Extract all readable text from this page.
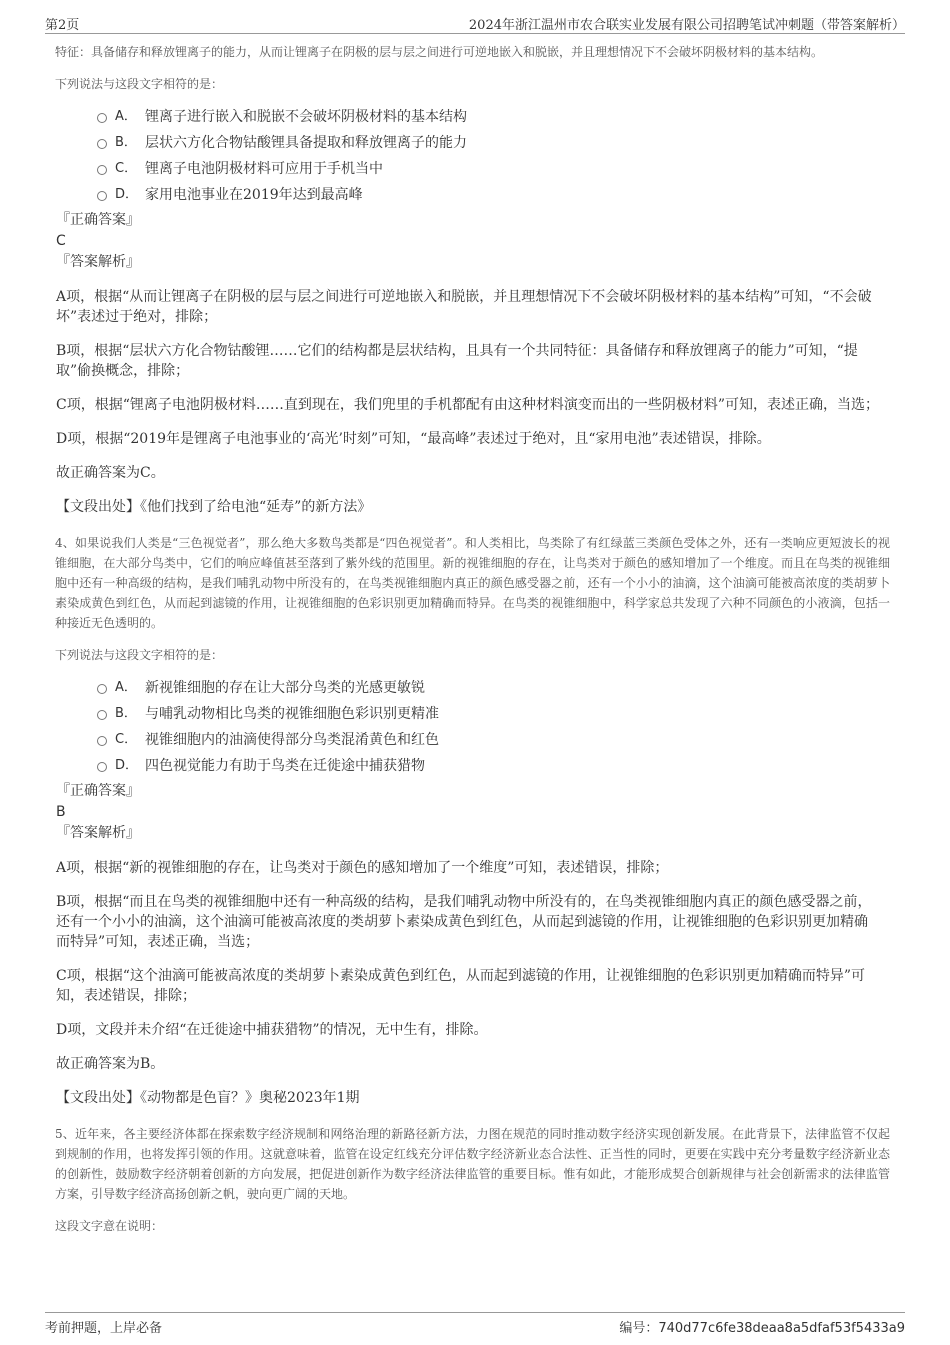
第2页	2024年浙江温州市农合联实业发展有限公司招聘笔试冲刺题（带答案解析）
特征：具备储存和释放锂离子的能力，从而让锂离子在阴极的层与层之间进行可逆地嵌入和脱嵌，并且理想情况下不会破坏阴极材料的基本结构。
下列说法与这段文字相符的是：
A． 锂离子进行嵌入和脱嵌不会破坏阴极材料的基本结构
B． 层状六方化合物钴酸锂具备提取和释放锂离子的能力
C． 锂离子电池阴极材料可应用于手机当中
D． 家用电池事业在2019年达到最高峰
『正确答案』
C
『答案解析』
A项，根据“从而让锂离子在阴极的层与层之间进行可逆地嵌入和脱嵌，并且理想情况下不会破坏阴极材料的基本结构”可知，“不会破坏”表述过于绝对，排除；
B项，根据“层状六方化合物钴酸锂……它们的结构都是层状结构，且具有一个共同特征：具备储存和释放锂离子的能力”可知，“提取”偷换概念，排除；
C项，根据“锂离子电池阴极材料……直到现在，我们兜里的手机都配有由这种材料演变而出的一些阴极材料”可知，表述正确，当选；
D项，根据“2019年是锂离子电池事业的‘高光’时刻”可知，“最高峰”表述过于绝对，且“家用电池”表述错误，排除。
故正确答案为C。
【文段出处】《他们找到了给电池“延寿”的新方法》
4、如果说我们人类是“三色视觉者”，那么绝大多数鸟类都是“四色视觉者”。和人类相比，鸟类除了有红绿蓝三类颜色受体之外，还有一类响应更短波长的视锥细胞，在大部分鸟类中，它们的响应峰值甚至落到了紫外线的范围里。新的视锥细胞的存在，让鸟类对于颜色的感知增加了一个维度。而且在鸟类的视锥细胞中还有一种高级的结构，是我们哺乳动物中所没有的，在鸟类视锥细胞内真正的颜色感受器之前，还有一个小小的油滴，这个油滴可能被高浓度的类胡萝卜素染成黄色到红色，从而起到滤镜的作用，让视锥细胞的色彩识别更加精确而特异。在鸟类的视锥细胞中，科学家总共发现了六种不同颜色的小液滴，包括一种接近无色透明的。
下列说法与这段文字相符的是：
A． 新视锥细胞的存在让大部分鸟类的光感更敏锐
B． 与哺乳动物相比鸟类的视锥细胞色彩识别更精准
C． 视锥细胞内的油滴使得部分鸟类混淆黄色和红色
D． 四色视觉能力有助于鸟类在迁徙途中捕获猎物
『正确答案』
B
『答案解析』
A项，根据“新的视锥细胞的存在，让鸟类对于颜色的感知增加了一个维度”可知，表述错误，排除；
B项，根据“而且在鸟类的视锥细胞中还有一种高级的结构，是我们哺乳动物中所没有的，在鸟类视锥细胞内真正的颜色感受器之前，还有一个小小的油滴，这个油滴可能被高浓度的类胡萝卜素染成黄色到红色，从而起到滤镜的作用，让视锥细胞的色彩识别更加精确而特异”可知，表述正确，当选；
C项，根据“这个油滴可能被高浓度的类胡萝卜素染成黄色到红色，从而起到滤镜的作用，让视锥细胞的色彩识别更加精确而特异”可知，表述错误，排除；
D项，文段并未介绍“在迁徙途中捕获猎物”的情况，无中生有，排除。
故正确答案为B。
【文段出处】《动物都是色盲？》奥秘2023年1期
5、近年来，各主要经济体都在探索数字经济规制和网络治理的新路径新方法，力图在规范的同时推动数字经济实现创新发展。在此背景下，法律监管不仅起到规制的作用，也将发挥引领的作用。这就意味着，监管在设定红线充分评估数字经济新业态合法性、正当性的同时，更要在实践中充分考量数字经济新业态的创新性，鼓励数字经济朝着创新的方向发展，把促进创新作为数字经济法律监管的重要目标。惟有如此，才能形成契合创新规律与社会创新需求的法律监管方案，引导数字经济高扬创新之帆，驶向更广阔的天地。
这段文字意在说明：
考前押题，上岸必备	编号：740d77c6fe38deaa8a5dfaf53f5433a9
